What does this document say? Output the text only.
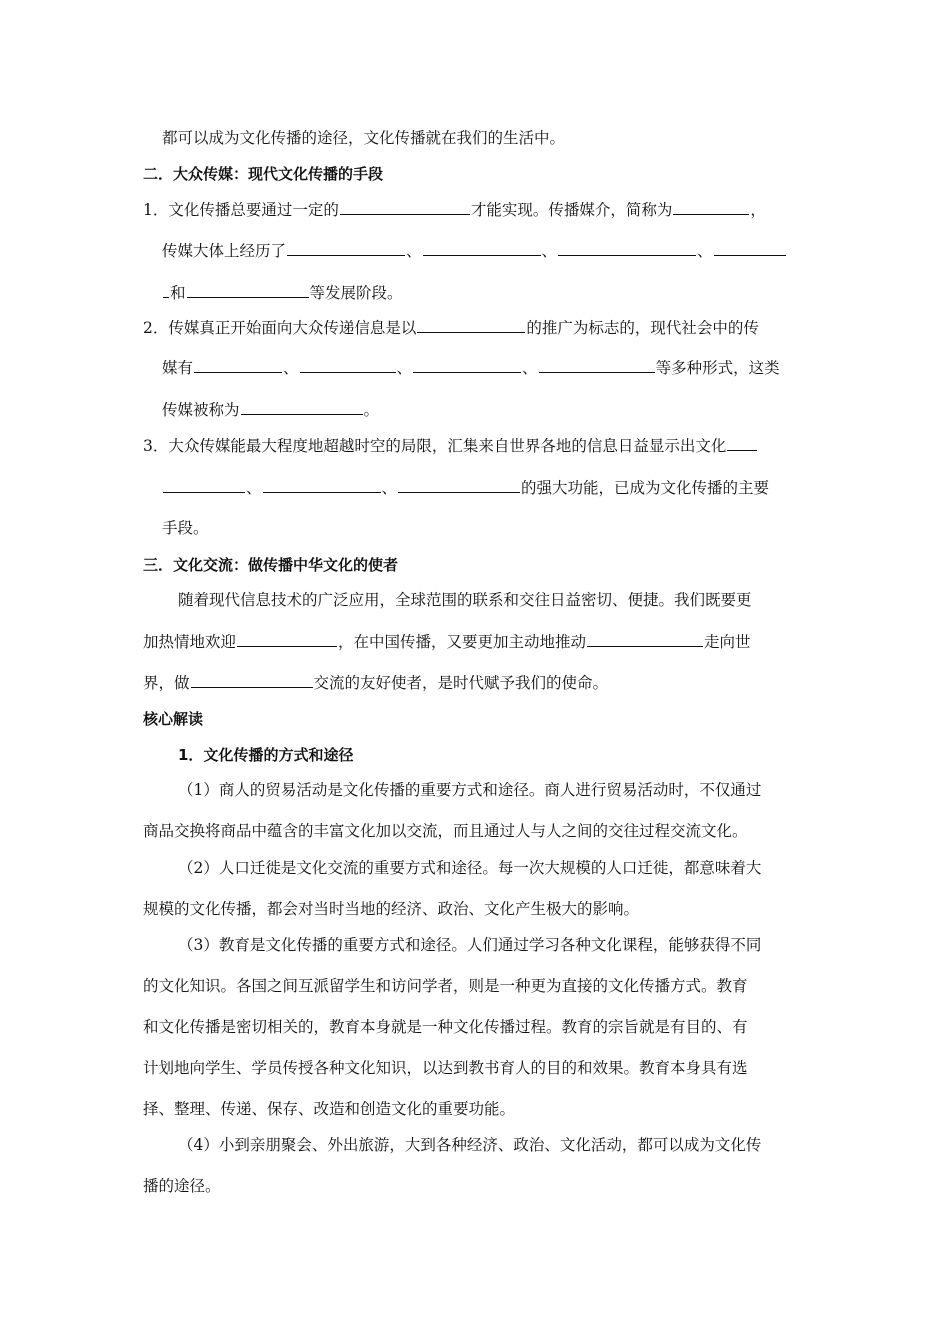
都可以成为文化传播的途径，文化传播就在我们的生活中。
二．大众传媒：现代文化传播的手段
1．文化传播总要通过一定的	才能实现。传播媒介，简称为	，
传媒大体上经历了	、	、	、
和	等发展阶段。
2．传媒真正开始面向大众传递信息是以	的推广为标志的，现代社会中的传
媒有	、	、	、	等多种形式，这类
传媒被称为	。
3．大众传媒能最大程度地超越时空的局限，汇集来自世界各地的信息日益显示出文化
、	、	的强大功能，已成为文化传播的主要
手段。
三．文化交流：做传播中华文化的使者
随着现代信息技术的广泛应用，全球范围的联系和交往日益密切、便捷。我们既要更
加热情地欢迎	，在中国传播，又要更加主动地推动	走向世
界，做	交流的友好使者，是时代赋予我们的使命。
核心解读
1．文化传播的方式和途径
（1）商人的贸易活动是文化传播的重要方式和途径。商人进行贸易活动时，不仅通过
商品交换将商品中蕴含的丰富文化加以交流，而且通过人与人之间的交往过程交流文化。
（2）人口迁徙是文化交流的重要方式和途径。每一次大规模的人口迁徙，都意味着大
规模的文化传播，都会对当时当地的经济、政治、文化产生极大的影响。
（3）教育是文化传播的重要方式和途径。人们通过学习各种文化课程，能够获得不同
的文化知识。各国之间互派留学生和访问学者，则是一种更为直接的文化传播方式。教育
和文化传播是密切相关的，教育本身就是一种文化传播过程。教育的宗旨就是有目的、有
计划地向学生、学员传授各种文化知识，以达到教书育人的目的和效果。教育本身具有选
择、整理、传递、保存、改造和创造文化的重要功能。
（4）小到亲朋聚会、外出旅游，大到各种经济、政治、文化活动，都可以成为文化传
播的途径。
